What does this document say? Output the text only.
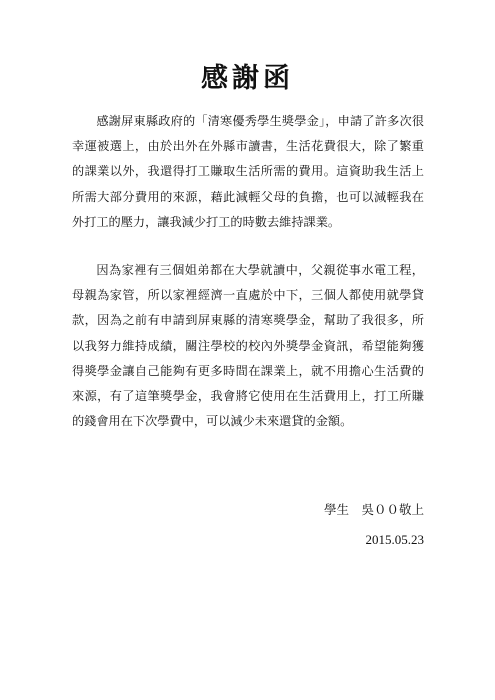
感謝函

感謝屏東縣政府的「清寒優秀學生獎學金」，申請了許多次很幸運被選上，由於出外在外縣市讀書，生活花費很大，除了繁重的課業以外，我還得打工賺取生活所需的費用。這資助我生活上所需大部分費用的來源，藉此減輕父母的負擔，也可以減輕我在外打工的壓力，讓我減少打工的時數去維持課業。

因為家裡有三個姐弟都在大學就讀中，父親從事水電工程，母親為家管，所以家裡經濟一直處於中下，三個人都使用就學貸款，因為之前有申請到屏東縣的清寒獎學金，幫助了我很多，所以我努力維持成績，關注學校的校內外獎學金資訊，希望能夠獲得獎學金讓自己能夠有更多時間在課業上，就不用擔心生活費的來源，有了這筆獎學金，我會將它使用在生活費用上，打工所賺的錢會用在下次學費中，可以減少未來還貸的金額。

學生　吳００敬上
2015.05.23
